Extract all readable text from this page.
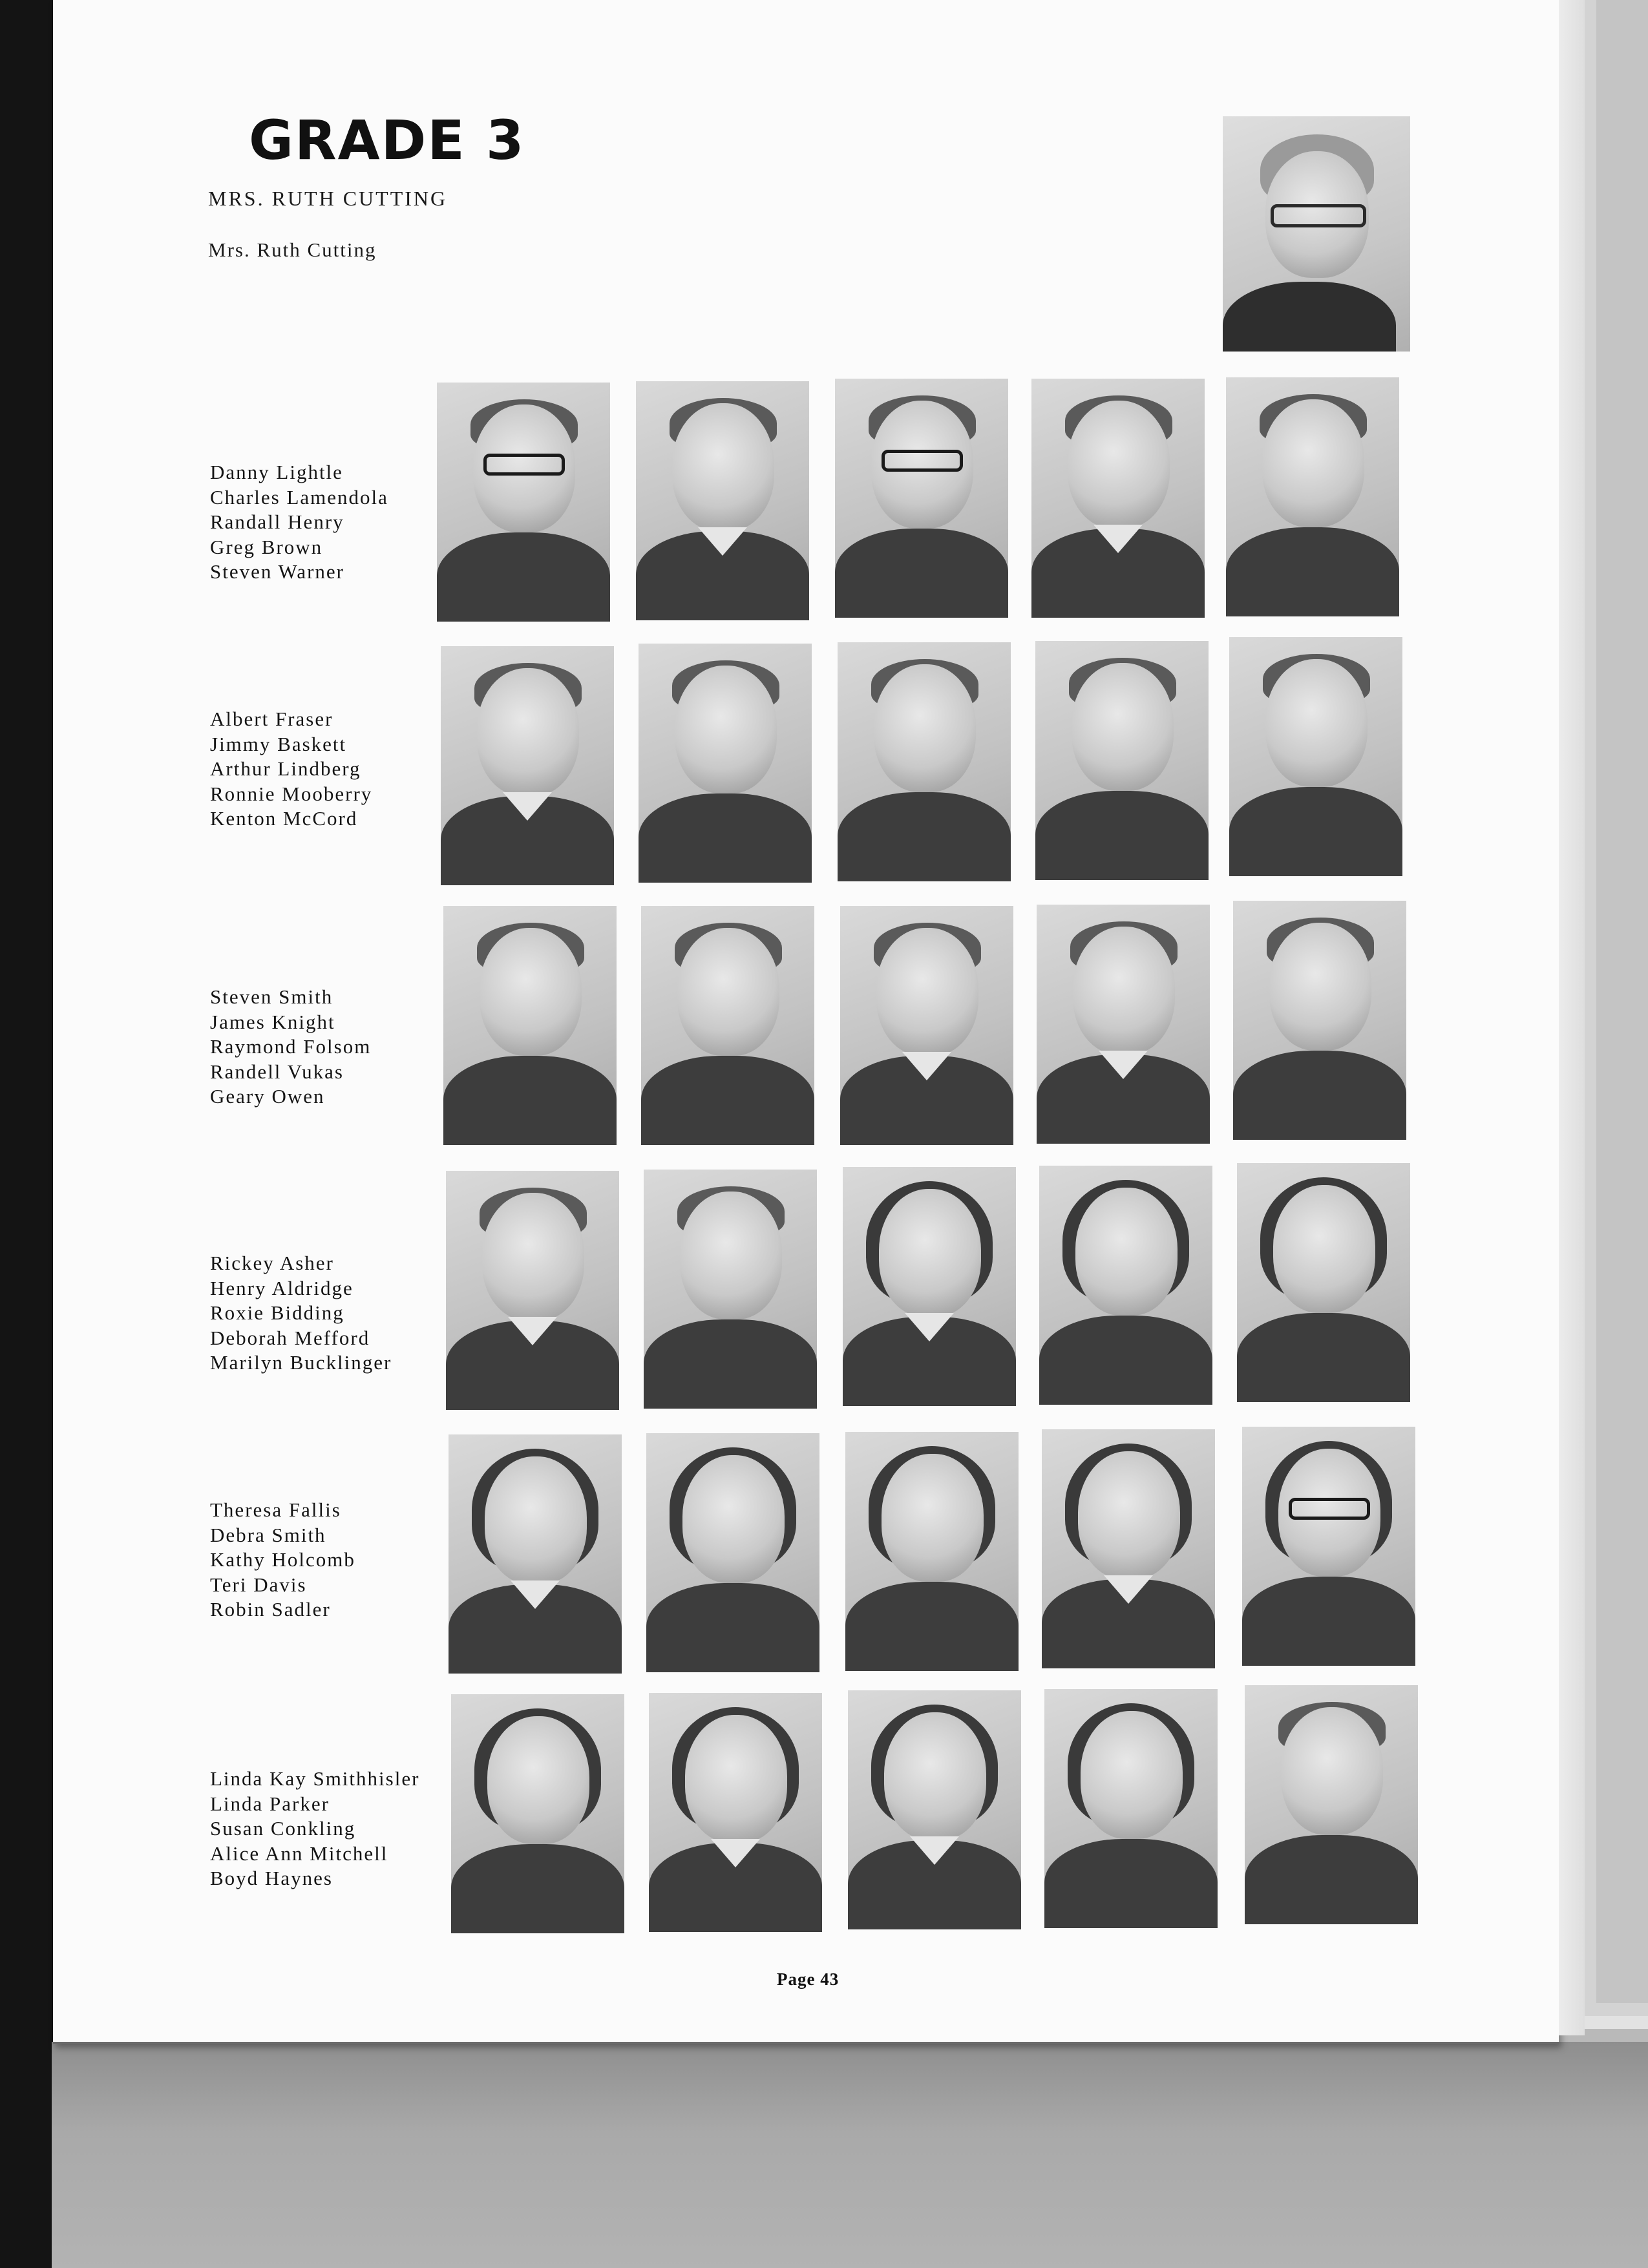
GRADE 3
MRS. RUTH CUTTING
Mrs. Ruth Cutting
Danny Lightle
Charles Lamendola
Randall Henry
Greg Brown
Steven Warner
Albert Fraser
Jimmy Baskett
Arthur Lindberg
Ronnie Mooberry
Kenton McCord
Steven Smith
James Knight
Raymond Folsom
Randell Vukas
Geary Owen
Rickey Asher
Henry Aldridge
Roxie Bidding
Deborah Mefford
Marilyn Bucklinger
Theresa Fallis
Debra Smith
Kathy Holcomb
Teri Davis
Robin Sadler
Linda Kay Smithhisler
Linda Parker
Susan Conkling
Alice Ann Mitchell
Boyd Haynes
Page 43
